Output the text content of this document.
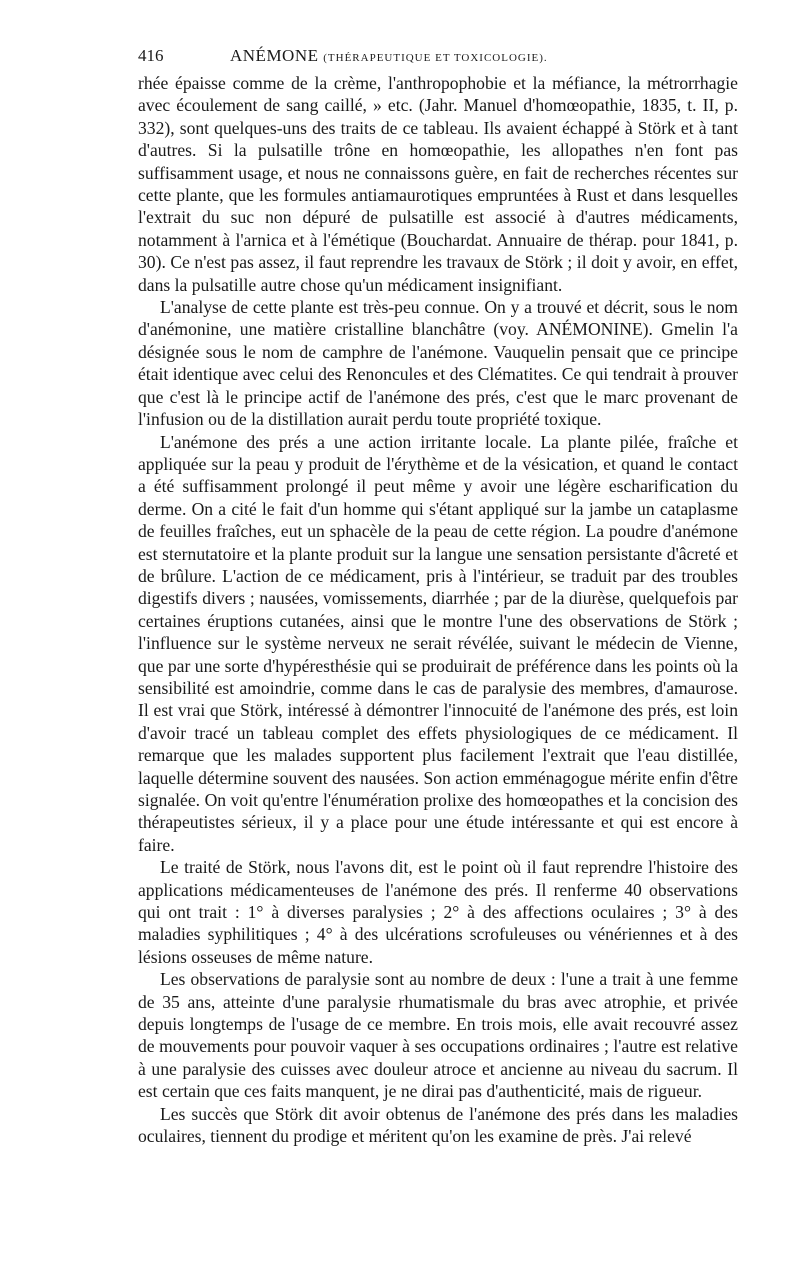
416	ANÉMONE (THÉRAPEUTIQUE ET TOXICOLOGIE).

rhée épaisse comme de la crème, l'anthropophobie et la méfiance, la métrorrhagie avec écoulement de sang caillé, » etc. (Jahr. Manuel d'homœopathie, 1835, t. II, p. 332), sont quelques-uns des traits de ce tableau. Ils avaient échappé à Störk et à tant d'autres. Si la pulsatille trône en homœopathie, les allopathes n'en font pas suffisamment usage, et nous ne connaissons guère, en fait de recherches récentes sur cette plante, que les formules antiamaurotiques empruntées à Rust et dans lesquelles l'extrait du suc non dépuré de pulsatille est associé à d'autres médicaments, notamment à l'arnica et à l'émétique (Bouchardat. Annuaire de thérap. pour 1841, p. 30). Ce n'est pas assez, il faut reprendre les travaux de Störk ; il doit y avoir, en effet, dans la pulsatille autre chose qu'un médicament insignifiant.

L'analyse de cette plante est très-peu connue. On y a trouvé et décrit, sous le nom d'anémonine, une matière cristalline blanchâtre (voy. ANÉMONINE). Gmelin l'a désignée sous le nom de camphre de l'anémone. Vauquelin pensait que ce principe était identique avec celui des Renoncules et des Clématites. Ce qui tendrait à prouver que c'est là le principe actif de l'anémone des prés, c'est que le marc provenant de l'infusion ou de la distillation aurait perdu toute propriété toxique.

L'anémone des prés a une action irritante locale. La plante pilée, fraîche et appliquée sur la peau y produit de l'érythème et de la vésication, et quand le contact a été suffisamment prolongé il peut même y avoir une légère escharification du derme. On a cité le fait d'un homme qui s'étant appliqué sur la jambe un cataplasme de feuilles fraîches, eut un sphacèle de la peau de cette région. La poudre d'anémone est sternutatoire et la plante produit sur la langue une sensation persistante d'âcreté et de brûlure. L'action de ce médicament, pris à l'intérieur, se traduit par des troubles digestifs divers ; nausées, vomissements, diarrhée ; par de la diurèse, quelquefois par certaines éruptions cutanées, ainsi que le montre l'une des observations de Störk ; l'influence sur le système nerveux ne serait révélée, suivant le médecin de Vienne, que par une sorte d'hypéresthésie qui se produirait de préférence dans les points où la sensibilité est amoindrie, comme dans le cas de paralysie des membres, d'amaurose. Il est vrai que Störk, intéressé à démontrer l'innocuité de l'anémone des prés, est loin d'avoir tracé un tableau complet des effets physiologiques de ce médicament. Il remarque que les malades supportent plus facilement l'extrait que l'eau distillée, laquelle détermine souvent des nausées. Son action emménagogue mérite enfin d'être signalée. On voit qu'entre l'énumération prolixe des homœopathes et la concision des thérapeutistes sérieux, il y a place pour une étude intéressante et qui est encore à faire.

Le traité de Störk, nous l'avons dit, est le point où il faut reprendre l'histoire des applications médicamenteuses de l'anémone des prés. Il renferme 40 observations qui ont trait : 1° à diverses paralysies ; 2° à des affections oculaires ; 3° à des maladies syphilitiques ; 4° à des ulcérations scrofuleuses ou vénériennes et à des lésions osseuses de même nature.

Les observations de paralysie sont au nombre de deux : l'une a trait à une femme de 35 ans, atteinte d'une paralysie rhumatismale du bras avec atrophie, et privée depuis longtemps de l'usage de ce membre. En trois mois, elle avait recouvré assez de mouvements pour pouvoir vaquer à ses occupations ordinaires ; l'autre est relative à une paralysie des cuisses avec douleur atroce et ancienne au niveau du sacrum. Il est certain que ces faits manquent, je ne dirai pas d'authenticité, mais de rigueur.

Les succès que Störk dit avoir obtenus de l'anémone des prés dans les maladies oculaires, tiennent du prodige et méritent qu'on les examine de près. J'ai relevé
